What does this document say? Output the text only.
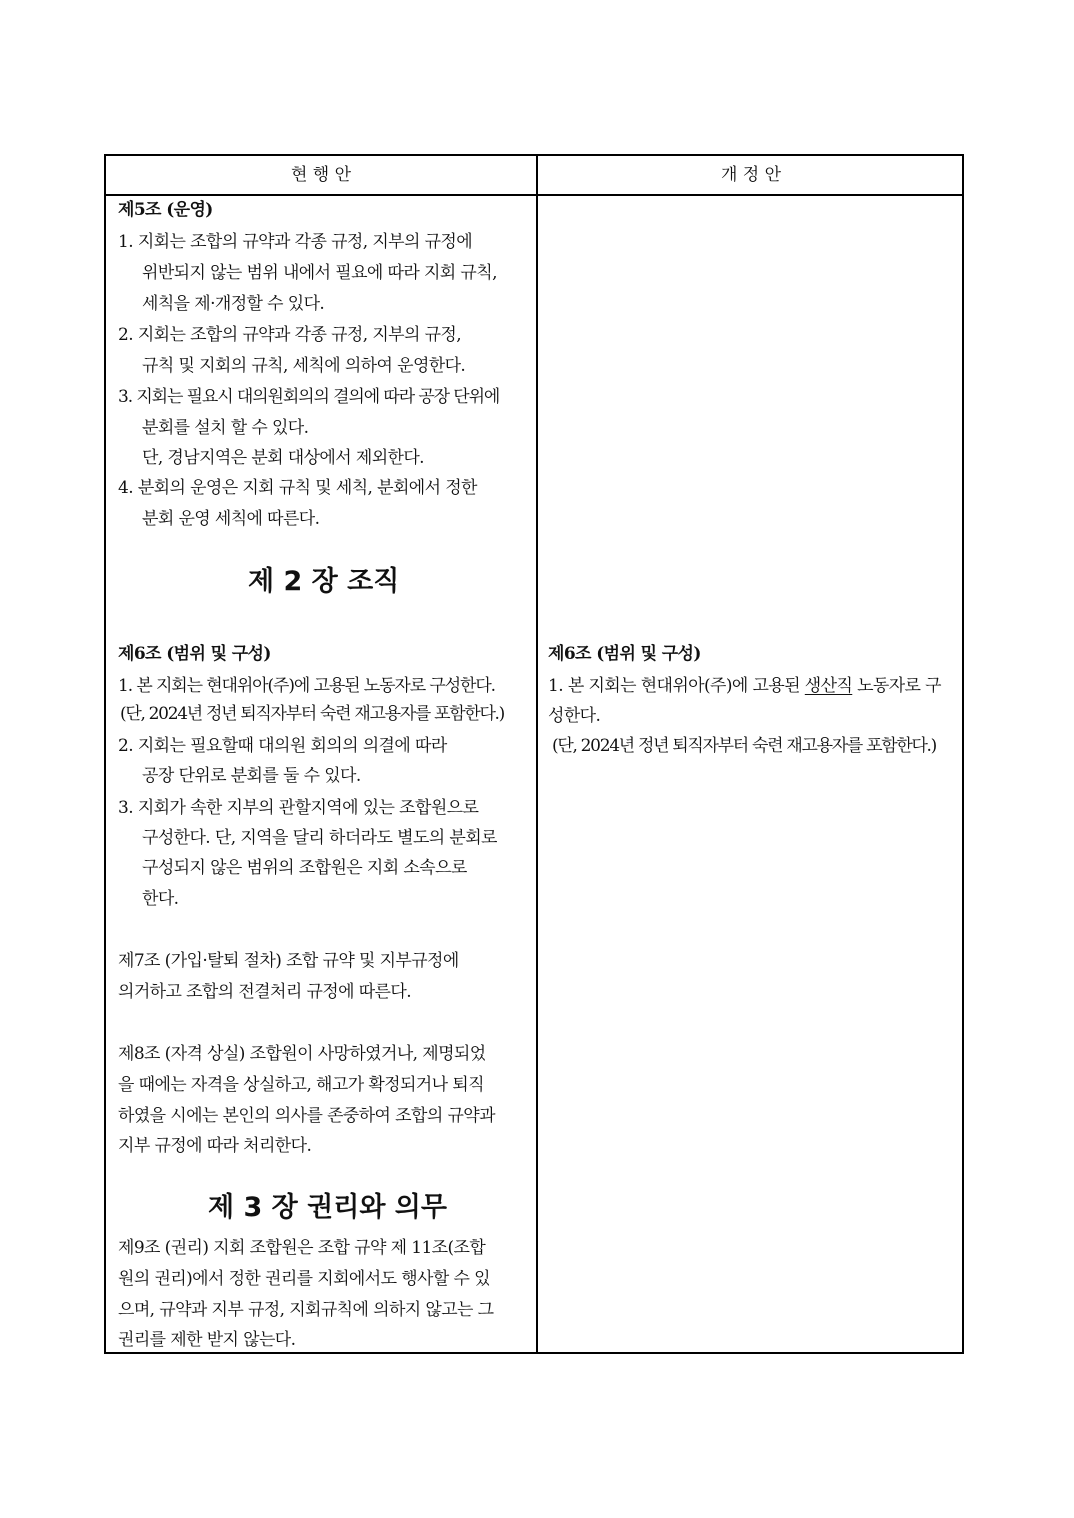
현 행 안	개 정 안
제5조 (운영)
1. 지회는 조합의 규약과 각종 규정, 지부의 규정에
위반되지 않는 범위 내에서 필요에 따라 지회 규칙,
세칙을 제·개정할 수 있다.
2. 지회는 조합의 규약과 각종 규정, 지부의 규정,
규칙 및 지회의 규칙, 세칙에 의하여 운영한다.
3. 지회는 필요시 대의원회의의 결의에 따라 공장 단위에
분회를 설치 할 수 있다.
단, 경남지역은 분회 대상에서 제외한다.
4. 분회의 운영은 지회 규칙 및 세칙, 분회에서 정한
분회 운영 세칙에 따른다.
제 2 장 조직
제6조 (범위 및 구성)
1. 본 지회는 현대위아(주)에 고용된 노동자로 구성한다.
(단, 2024년 정년 퇴직자부터 숙련 재고용자를 포함한다.)
2. 지회는 필요할때 대의원 회의의 의결에 따라
공장 단위로 분회를 둘 수 있다.
3. 지회가 속한 지부의 관할지역에 있는 조합원으로
구성한다. 단, 지역을 달리 하더라도 별도의 분회로
구성되지 않은 범위의 조합원은 지회 소속으로
한다.
제7조 (가입·탈퇴 절차) 조합 규약 및 지부규정에
의거하고 조합의 전결처리 규정에 따른다.
제8조 (자격 상실) 조합원이 사망하였거나, 제명되었
을 때에는 자격을 상실하고, 해고가 확정되거나 퇴직
하였을 시에는 본인의 의사를 존중하여 조합의 규약과
지부 규정에 따라 처리한다.
제 3 장 권리와 의무
제9조 (권리) 지회 조합원은 조합 규약 제 11조(조합
원의 권리)에서 정한 권리를 지회에서도 행사할 수 있
으며, 규약과 지부 규정, 지회규칙에 의하지 않고는 그
권리를 제한 받지 않는다.
제6조 (범위 및 구성)
1. 본 지회는 현대위아(주)에 고용된 생산직 노동자로 구
성한다.
(단, 2024년 정년 퇴직자부터 숙련 재고용자를 포함한다.)
